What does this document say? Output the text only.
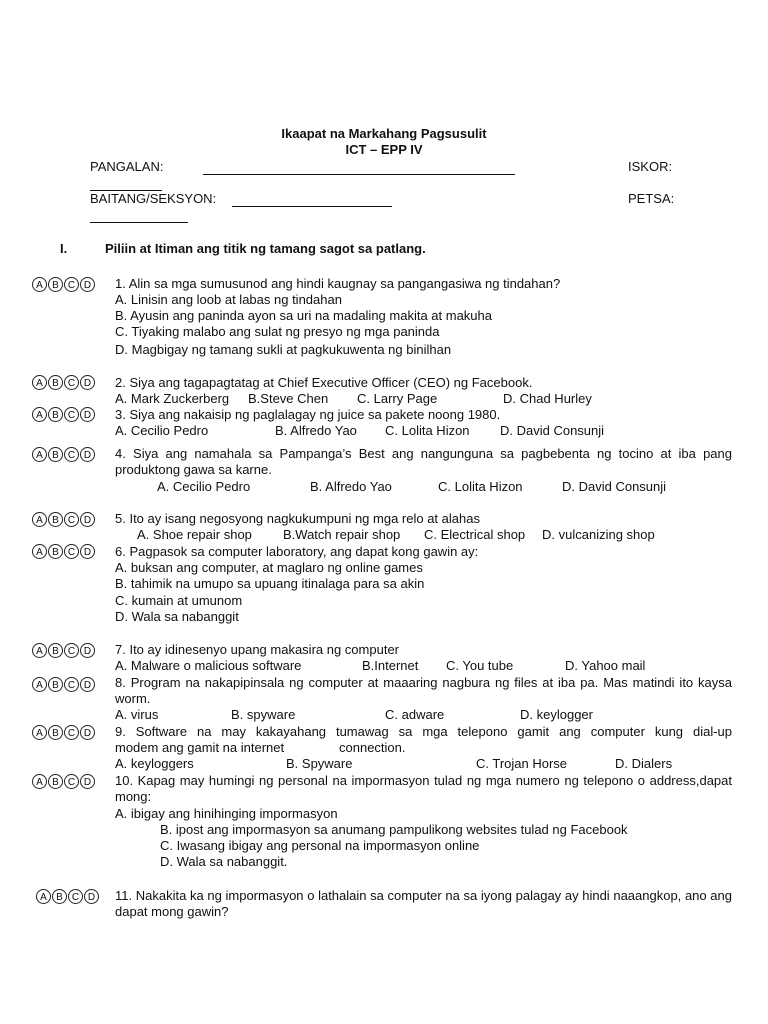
Ikaapat na Markahang Pagsusulit
ICT – EPP IV
PANGALAN:	ISKOR:
BAITANG/SEKSYON:	PETSA:
I.	Piliin at Itiman ang titik ng tamang sagot sa patlang.
A B C D 1. Alin sa mga sumusunod ang hindi kaugnay sa pangangasiwa ng tindahan?
A. Linisin ang loob at labas ng tindahan
B. Ayusin ang paninda ayon sa uri na madaling makita at makuha
C. Tiyaking malabo ang sulat ng presyo ng mga paninda
D. Magbigay ng tamang sukli at pagkukuwenta ng binilhan
A B C D 2. Siya ang tagapagtatag at Chief Executive Officer (CEO) ng Facebook.
A. Mark Zuckerberg B.Steve Chen C. Larry Page	D. Chad Hurley
A B C D 3. Siya ang nakaisip ng paglalagay ng juice sa pakete noong 1980.
A. Cecilio Pedro	B. Alfredo Yao C. Lolita Hizon D. David Consunji
A B C D 4. Siya ang namahala sa Pampanga’s Best ang nangunguna sa pagbebenta ng tocino at iba pang produktong gawa sa karne.
A. Cecilio Pedro	B. Alfredo Yao	C. Lolita Hizon	D. David Consunji
A B C D 5. Ito ay isang negosyong nagkukumpuni ng mga relo at alahas
A. Shoe repair shop B.Watch repair shop C. Electrical shop D. vulcanizing shop
A B C D 6. Pagpasok sa computer laboratory, ang dapat kong gawin ay:
A. buksan ang computer, at maglaro ng online games
B. tahimik na umupo sa upuang itinalaga para sa akin
C. kumain at umunom
D. Wala sa nabanggit
A B C D 7. Ito ay idinesenyo upang makasira ng computer
A. Malware o malicious software	B.Internet C. You tube	D. Yahoo mail
A B C D 8. Program na nakapipinsala ng computer at maaaring nagbura ng files at iba pa. Mas matindi ito kaysa worm.
A. virus	B. spyware	C. adware	D. keylogger
A B C D 9. Software na may kakayahang tumawag sa mga telepono gamit ang computer kung dial-up
modem ang gamit na internet	connection.
A. keyloggers	B. Spyware	C. Trojan Horse	D. Dialers
A B C D 10. Kapag may humingi ng personal na impormasyon tulad ng mga numero ng telepono o address,dapat mong:
A. ibigay ang hinihinging impormasyon
B. ipost ang impormasyon sa anumang pampulikong websites tulad ng Facebook
C. Iwasang ibigay ang personal na impormasyon online
D. Wala sa nabanggit.
A B C D 11. Nakakita ka ng impormasyon o lathalain sa computer na sa iyong palagay ay hindi naaangkop, ano ang dapat mong gawin?
